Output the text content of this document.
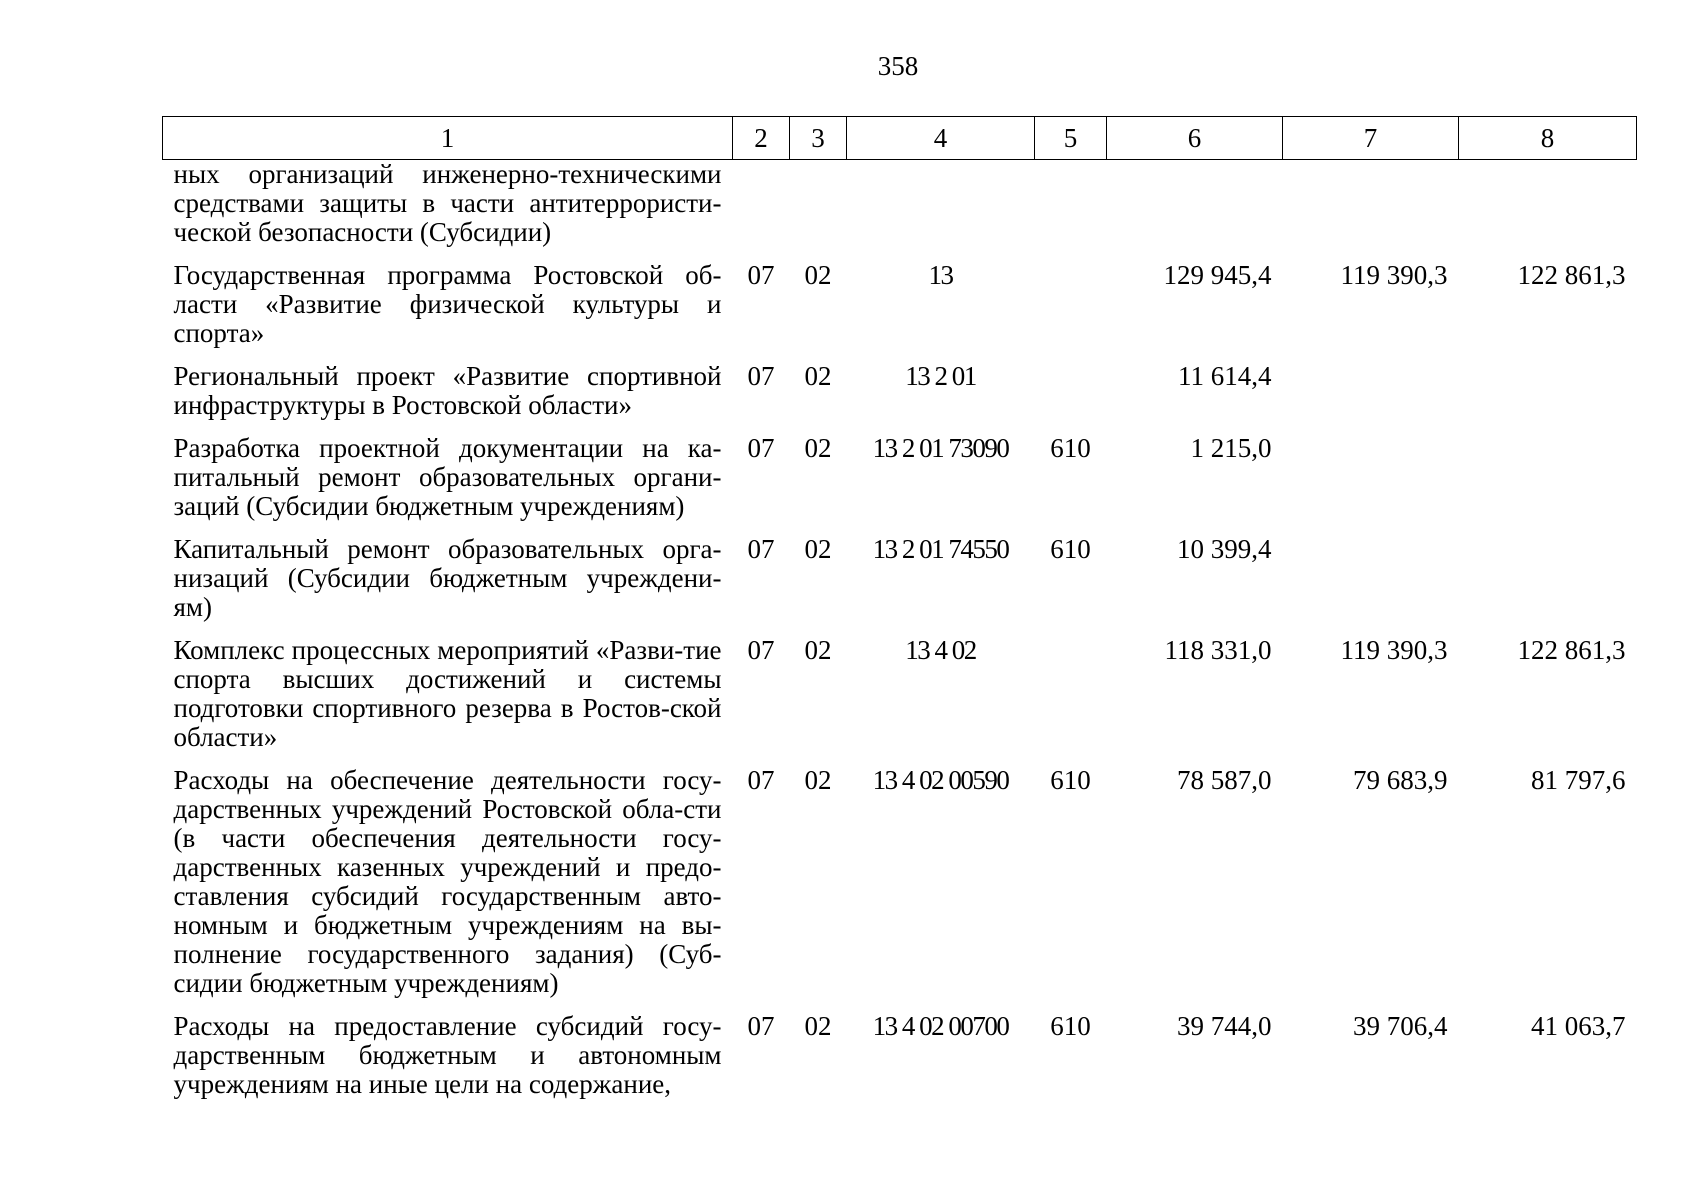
358
1	2	3	4	5	6	7	8
ных организаций инженерно-техническими средствами защиты в части антитеррористи-ческой безопасности (Субсидии)							
Государственная программа Ростовской об-ласти «Развитие физической культуры и спорта»	07	02	13		129 945,4	119 390,3	122 861,3
Региональный проект «Развитие спортивной инфраструктуры в Ростовской области»	07	02	13 2 01		11 614,4		
Разработка проектной документации на ка-питальный ремонт образовательных органи-заций (Субсидии бюджетным учреждениям)	07	02	13 2 01 73090	610	1 215,0		
Капитальный ремонт образовательных орга-низаций (Субсидии бюджетным учреждени-ям)	07	02	13 2 01 74550	610	10 399,4		
Комплекс процессных мероприятий «Разви-тие спорта высших достижений и системы подготовки спортивного резерва в Ростов-ской области»	07	02	13 4 02		118 331,0	119 390,3	122 861,3
Расходы на обеспечение деятельности госу-дарственных учреждений Ростовской обла-сти (в части обеспечения деятельности госу-дарственных казенных учреждений и предо-ставления субсидий государственным авто-номным и бюджетным учреждениям на вы-полнение государственного задания) (Суб-сидии бюджетным учреждениям)	07	02	13 4 02 00590	610	78 587,0	79 683,9	81 797,6
Расходы на предоставление субсидий госу-дарственным бюджетным и автономным учреждениям на иные цели на содержание,	07	02	13 4 02 00700	610	39 744,0	39 706,4	41 063,7
